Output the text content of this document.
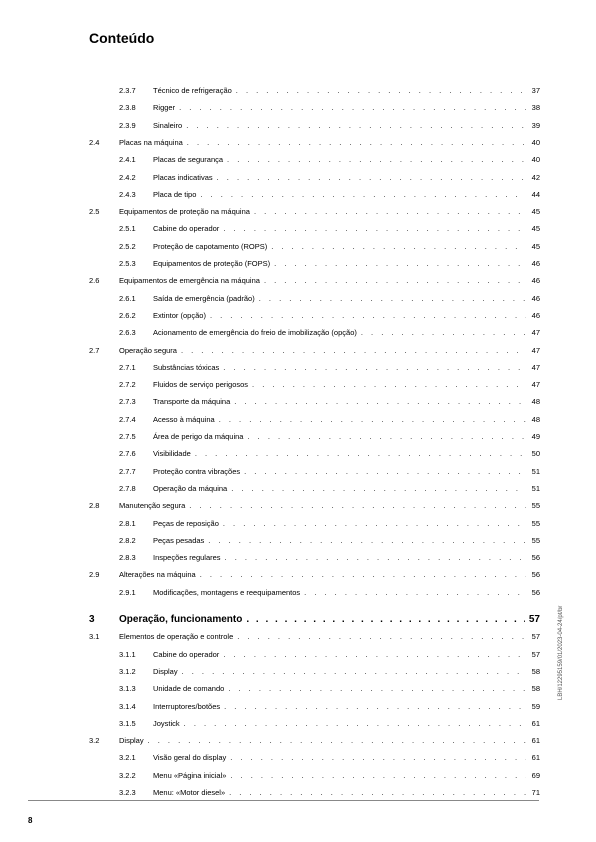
Conteúdo
2.3.7 Técnico de refrigeração . . .	37
2.3.8 Rigger . . .	38
2.3.9 Sinaleiro . . .	39
2.4	Placas na máquina . . .	40
2.4.1 Placas de segurança . . .	40
2.4.2 Placas indicativas . . .	42
2.4.3 Placa de tipo . . .	44
2.5	Equipamentos de proteção na máquina . . .	45
2.5.1 Cabine do operador . . .	45
2.5.2 Proteção de capotamento (ROPS) . . .	45
2.5.3 Equipamentos de proteção (FOPS) . . .	46
2.6	Equipamentos de emergência na máquina . . .	46
2.6.1 Saída de emergência (padrão) . . .	46
2.6.2 Extintor (opção) . . .	46
2.6.3 Acionamento de emergência do freio de imobilização (opção) . . .	47
2.7	Operação segura . . .	47
2.7.1 Substâncias tóxicas . . .	47
2.7.2 Fluidos de serviço perigosos . . .	47
2.7.3 Transporte da máquina . . .	48
2.7.4 Acesso à máquina . . .	48
2.7.5 Área de perigo da máquina . . .	49
2.7.6 Visibilidade . . .	50
2.7.7 Proteção contra vibrações . . .	51
2.7.8 Operação da máquina . . .	51
2.8	Manutenção segura . . .	55
2.8.1 Peças de reposição . . .	55
2.8.2 Peças pesadas . . .	55
2.8.3 Inspeções regulares . . .	56
2.9	Alterações na máquina . . .	56
2.9.1 Modificações, montagens e reequipamentos . . .	56
3 Operação, funcionamento . . .	57
3.1	Elementos de operação e controle . . .	57
3.1.1 Cabine do operador . . .	57
3.1.2 Display . . .	58
3.1.3 Unidade de comando . . .	58
3.1.4 Interruptores/botões . . .	59
3.1.5 Joystick . . .	61
3.2	Display . . .	61
3.2.1 Visão geral do display . . .	61
3.2.2 Menu «Página inicial» . . .	69
3.2.3 Menu: «Motor diesel» . . .	71
LBH/12295159/01/2023-04-24/pt/br
8
